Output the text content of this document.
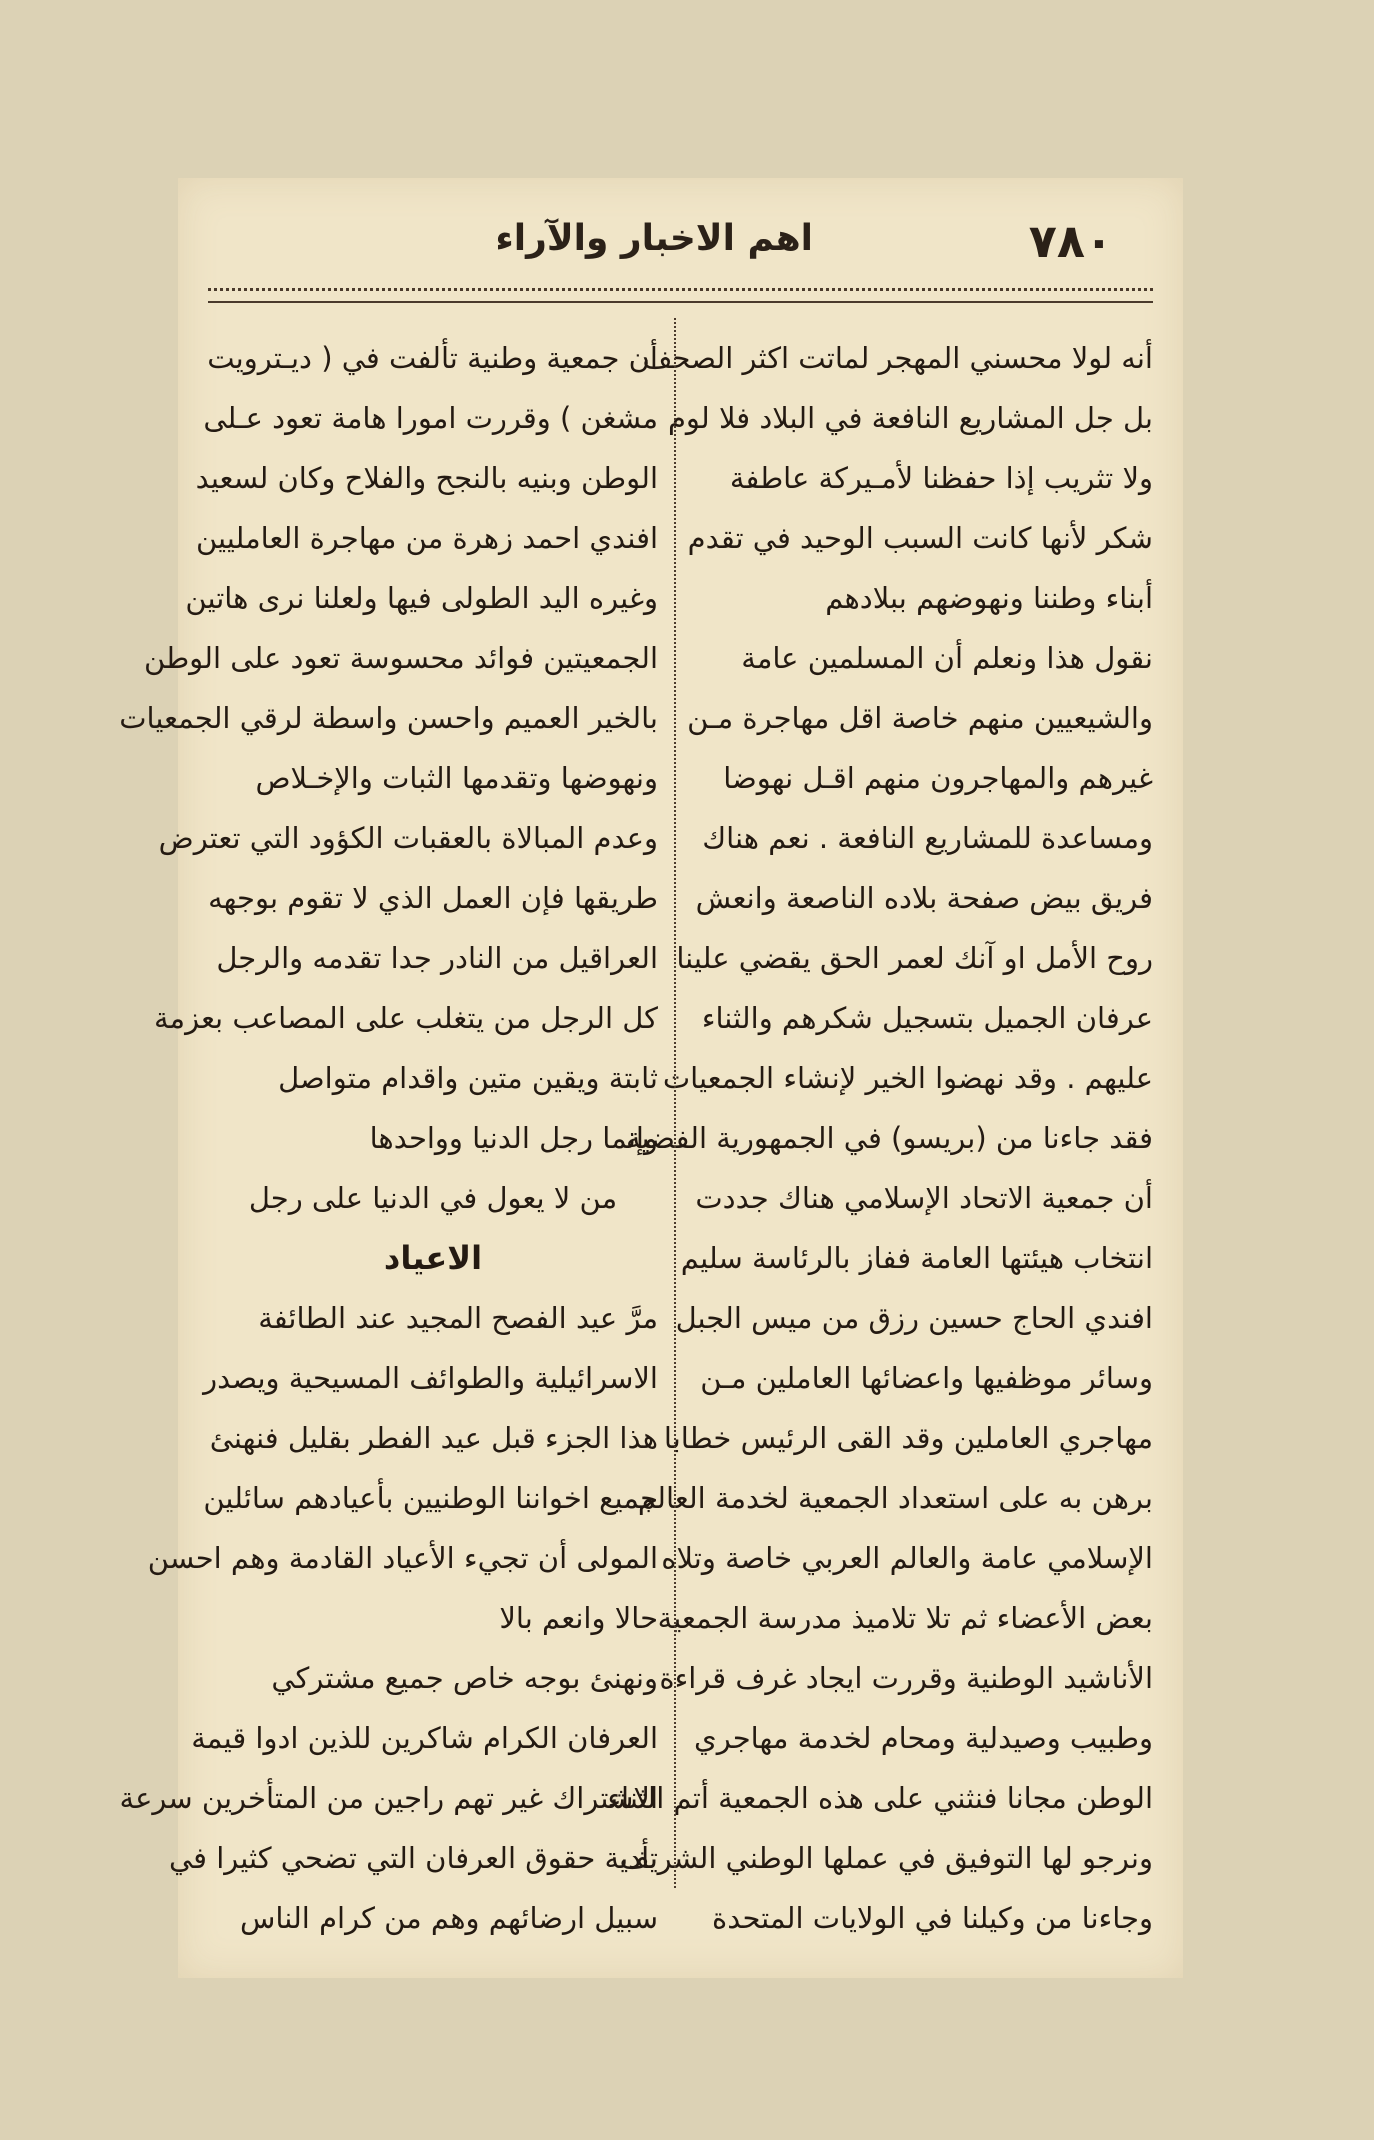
٧٨٠
اهم الاخبار والآراء
أنه لولا محسني المهجر لماتت اكثر الصحف
بل جل المشاريع النافعة في البلاد فلا لوم
ولا تثريب إذا حفظنا لأمـيركة عاطفة
شكر لأنها كانت السبب الوحيد في تقدم
أبناء وطننا ونهوضهم ببلادهم
نقول هذا ونعلم أن المسلمين عامة
والشيعيين منهم خاصة اقل مهاجرة مـن
غيرهم والمهاجرون منهم اقـل نهوضا
ومساعدة للمشاريع النافعة . نعم هناك
فريق بيض صفحة بلاده الناصعة وانعش
روح الأمل او آنك لعمر الحق يقضي علينا
عرفان الجميل بتسجيل شكرهم والثناء
عليهم . وقد نهضوا الخير لإنشاء الجمعيات
فقد جاءنا من (بريسو) في الجمهورية الفضية
أن جمعية الاتحاد الإسلامي هناك جددت
انتخاب هيئتها العامة ففاز بالرئاسة سليم
افندي الحاج حسين رزق من ميس الجبل
وسائر موظفيها واعضائها العاملين مـن
مهاجري العاملين وقد القى الرئيس خطابا
برهن به على استعداد الجمعية لخدمة العالم
الإسلامي عامة والعالم العربي خاصة وتلاه
بعض الأعضاء ثم تلا تلاميذ مدرسة الجمعية
الأناشيد الوطنية وقررت ايجاد غرف قراءة
وطبيب وصيدلية ومحام لخدمة مهاجري
الوطن مجانا فنثني على هذه الجمعية أتم الثناء
ونرجو لها التوفيق في عملها الوطني الشريف
وجاءنا من وكيلنا في الولايات المتحدة
أن جمعية وطنية تألفت في ( ديـترويت
مشغن ) وقررت امورا هامة تعود عـلى
الوطن وبنيه بالنجح والفلاح وكان لسعيد
افندي احمد زهرة من مهاجرة العامليين
وغيره اليد الطولى فيها ولعلنا نرى هاتين
الجمعيتين فوائد محسوسة تعود على الوطن
بالخير العميم واحسن واسطة لرقي الجمعيات
ونهوضها وتقدمها الثبات والإخـلاص
وعدم المبالاة بالعقبات الكؤود التي تعترض
طريقها فإن العمل الذي لا تقوم بوجهه
العراقيل من النادر جدا تقدمه والرجل
كل الرجل من يتغلب على المصاعب بعزمة
ثابتة ويقين متين واقدام متواصل
وإنما رجل الدنيا وواحدها
من لا يعول في الدنيا على رجل
الاعياد
مرَّ عيد الفصح المجيد عند الطائفة
الاسرائيلية والطوائف المسيحية ويصدر
هذا الجزء قبل عيد الفطر بقليل فنهنئ
جميع اخواننا الوطنيين بأعيادهم سائلين
المولى أن تجيء الأعياد القادمة وهم احسن
حالا وانعم بالا
ونهنئ بوجه خاص جميع مشتركي
العرفان الكرام شاكرين للذين ادوا قيمة
الاشتراك غير تهم راجين من المتأخرين سرعة
تأدية حقوق العرفان التي تضحي كثيرا في
سبيل ارضائهم وهم من كرام الناس
